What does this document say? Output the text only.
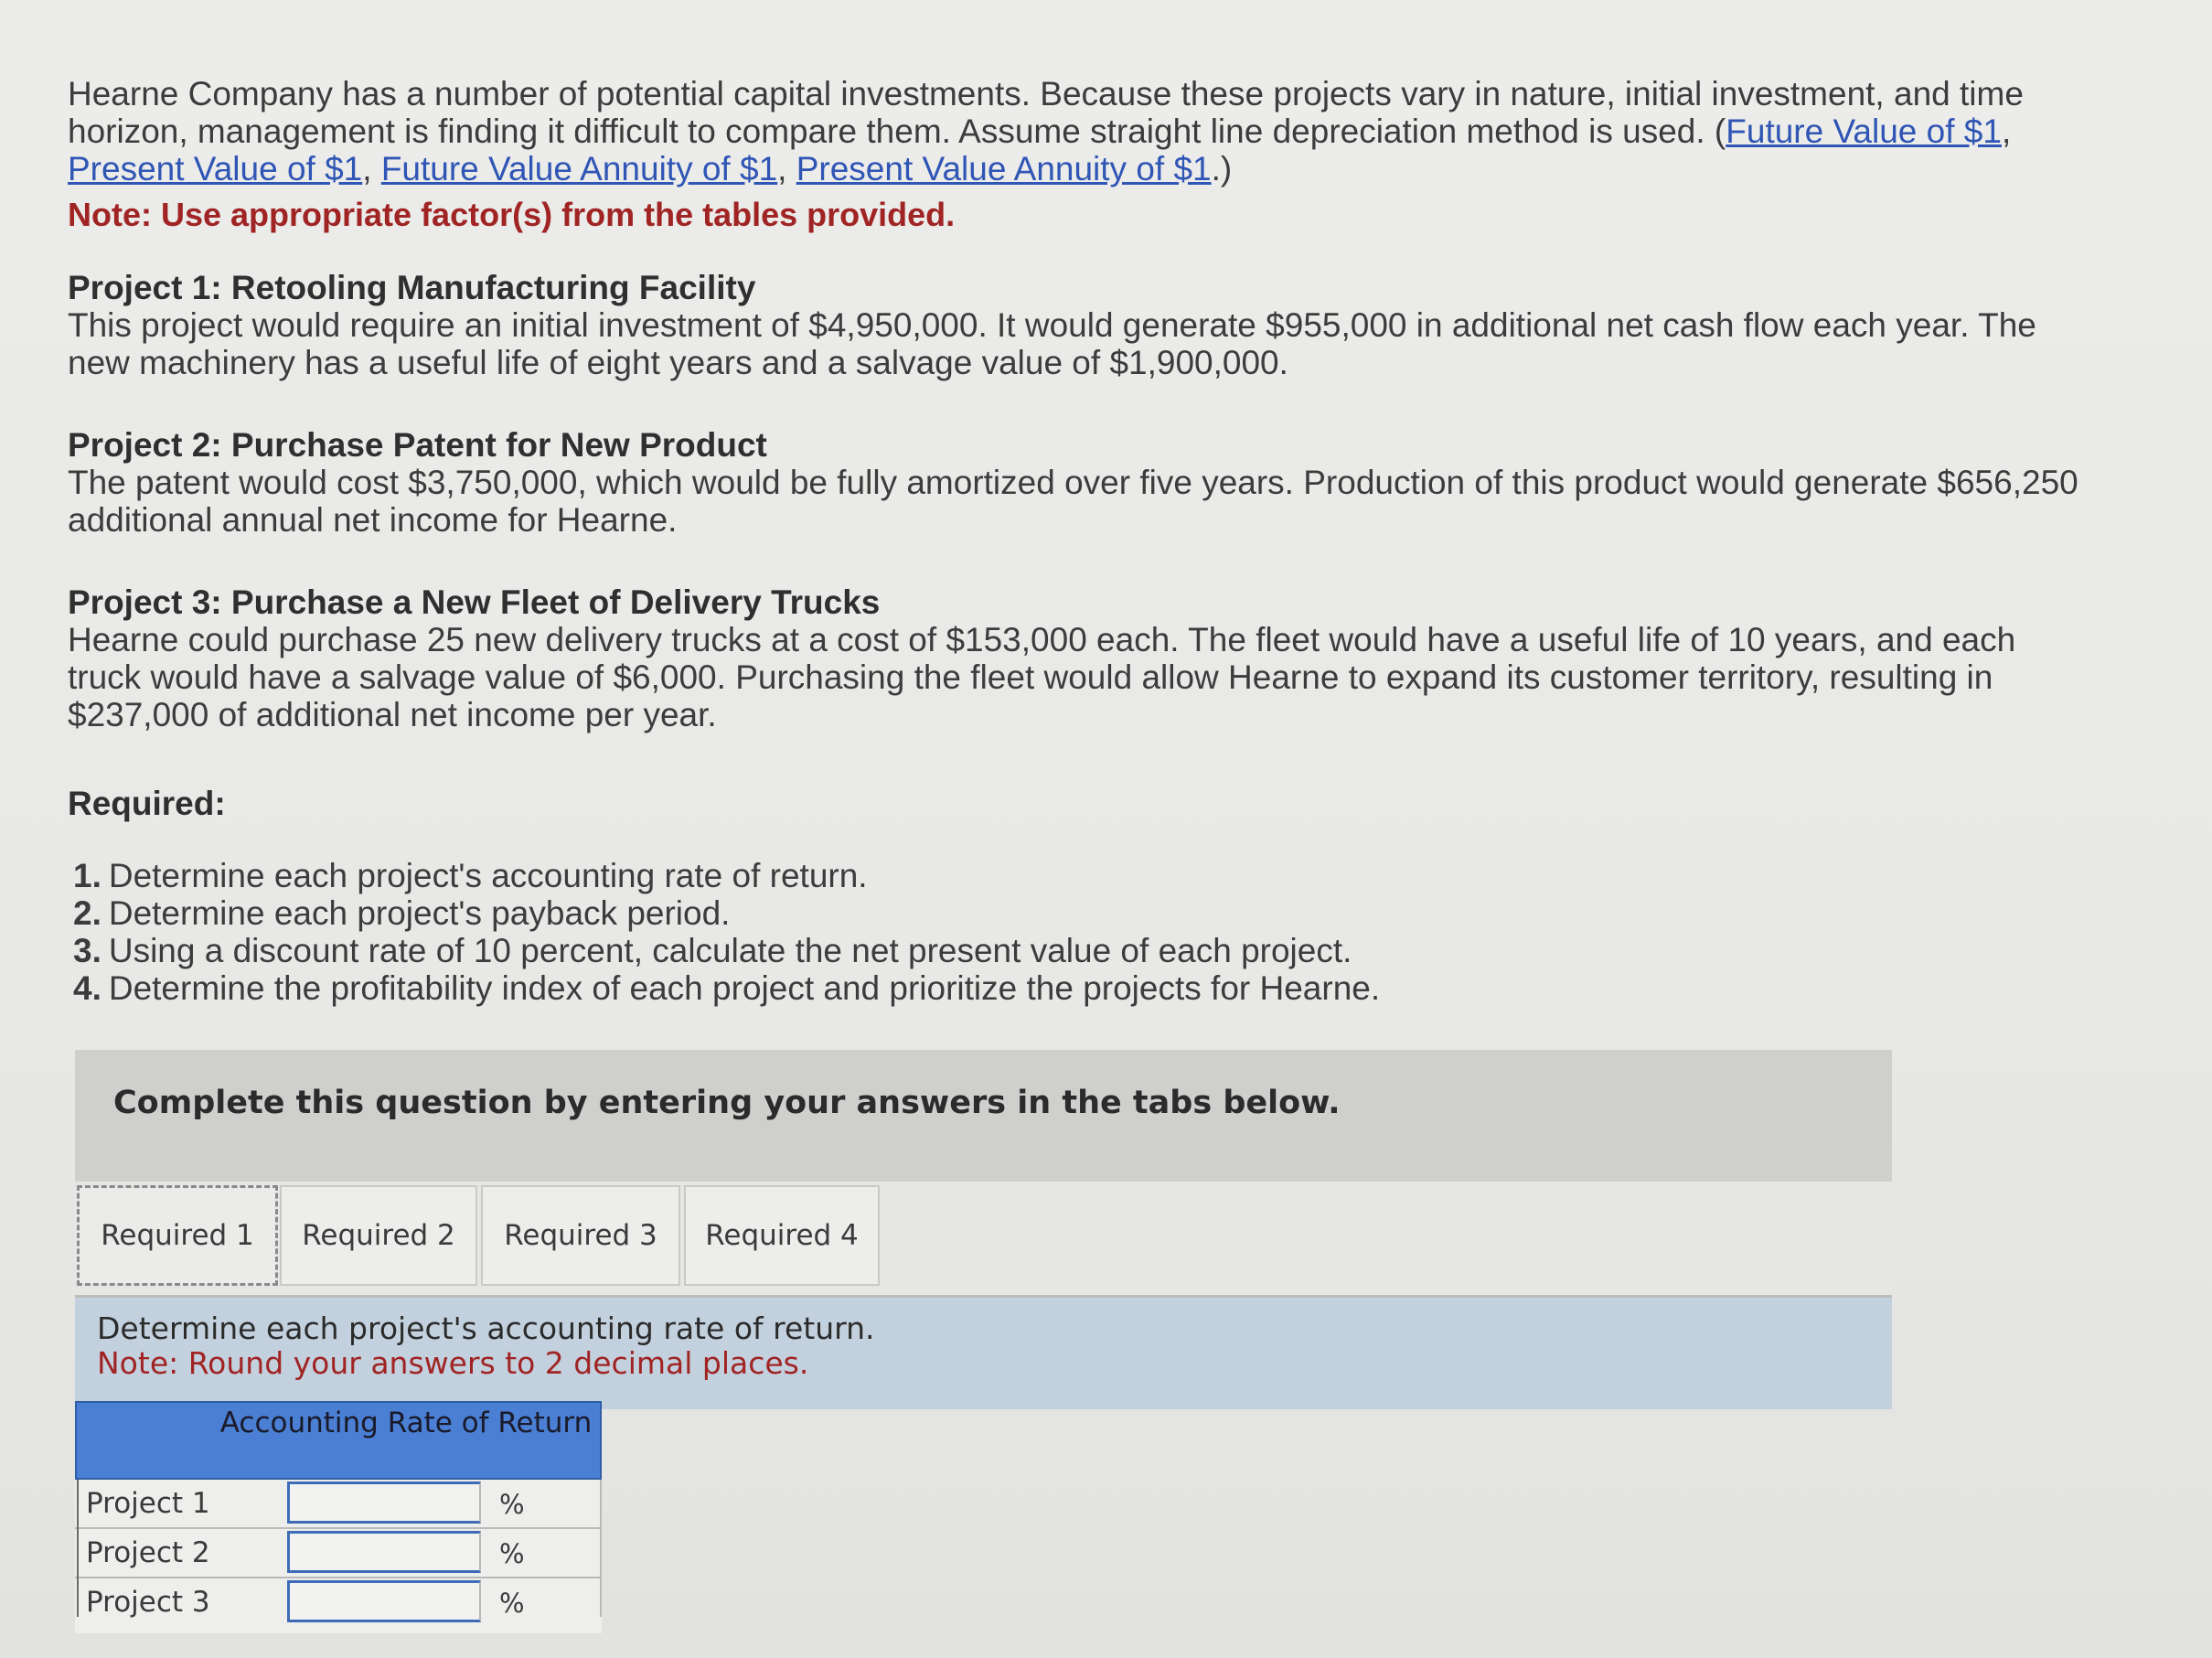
Hearne Company has a number of potential capital investments. Because these projects vary in nature, initial investment, and time horizon, management is finding it difficult to compare them. Assume straight line depreciation method is used. (Future Value of $1, Present Value of $1, Future Value Annuity of $1, Present Value Annuity of $1.)
Note: Use appropriate factor(s) from the tables provided.
Project 1: Retooling Manufacturing Facility
This project would require an initial investment of $4,950,000. It would generate $955,000 in additional net cash flow each year. The new machinery has a useful life of eight years and a salvage value of $1,900,000.
Project 2: Purchase Patent for New Product
The patent would cost $3,750,000, which would be fully amortized over five years. Production of this product would generate $656,250 additional annual net income for Hearne.
Project 3: Purchase a New Fleet of Delivery Trucks
Hearne could purchase 25 new delivery trucks at a cost of $153,000 each. The fleet would have a useful life of 10 years, and each truck would have a salvage value of $6,000. Purchasing the fleet would allow Hearne to expand its customer territory, resulting in $237,000 of additional net income per year.
Required:
1. Determine each project's accounting rate of return.
2. Determine each project's payback period.
3. Using a discount rate of 10 percent, calculate the net present value of each project.
4. Determine the profitability index of each project and prioritize the projects for Hearne.
Complete this question by entering your answers in the tabs below.
Required 1	Required 2	Required 3	Required 4
Determine each project's accounting rate of return.
Note: Round your answers to 2 decimal places.
Accounting Rate of Return
Project 1	%
Project 2	%
Project 3	%
